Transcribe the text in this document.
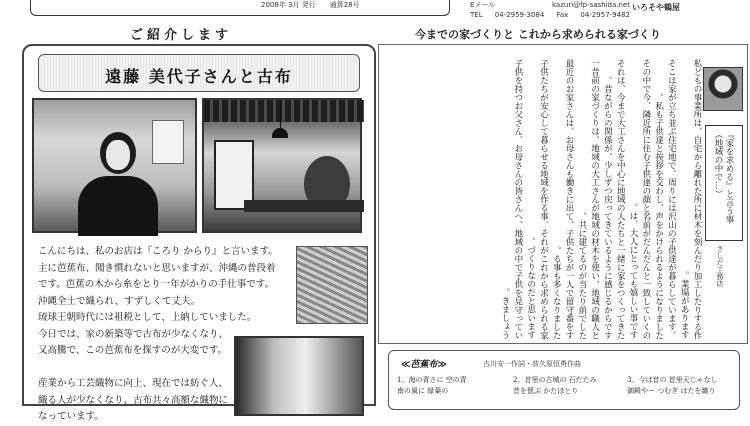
2008年 3月 発行　　通算28号	Eメール	kazuri@fp-sashida.net
TEL 04-2959-3084 Fax 04-2957-9482
いろそや鶴屋
ご紹介します	今までの家づくりと これから求められる家づくり
遠藤 美代子さんと古布

こんにちは、私のお店は『ころり からり』と言います。

主に芭蕉布、聞き慣れないと思いますが、沖縄の普段着

です。芭蕉の木から糸をとり一年がかりの手仕事です。

沖縄全土で織られ、すずしくて丈夫。

琉球王朝時代には祖税として、上納していました。

今日では、家の新築等で古布が少なくなり、

又高騰で、この芭蕉布を探すのが大変です。

産業から工芸織物に向上、現在では紡ぐ人、

織る人が少なくなり、古布共々高額な織物に

なっています。

私どもの事業所は、自宅から離れた所に材木を刻んだり加工したりする作業場があります。

そこは家が立ち並ぶ住宅地で、周りには沢山の子供達が暮らしています。私も子供達と挨拶を交わし、声をかけられるようになりました。

その中で今、隣近所に住む子供達の顔と名前がだんだんと一致していくのは、大人にとっても嬉しい事です。

それは、今まで大工さんを中心に地域の人たちと一緒に家をつくってきた昔ながらの関係が、少しずつ戻ってきているように感じるからです。

一昔前の家づくりは、地域の大工さんが地域の材木を使い、地域の職人と共に建てるのが当たり前でした。

最近のお家さんは、お母さんも働きに出て、子供たちが一人で留守番をする事も多くなりました。

子供たちが安心して暮らせる地域を作る事、それがこれから求められる家づくりなのだと思います。

子供を持つお父さん、お母さんの皆さんへ、地域の中で子供を見守っていきましょう。

『家を求める』と言う事（地域の中で…）
さしだ工務店
≪芭蕉布≫	古川安一作詞・普久原恒勇作曲
1、海の青さに 空の青
南の風に 緑葉の
2、首里の古城の 石だたみ
昔を偲ぶ かたほとり
3、今は昔の 首里天じゃなし
御殿やー つむぎ はたを織り
